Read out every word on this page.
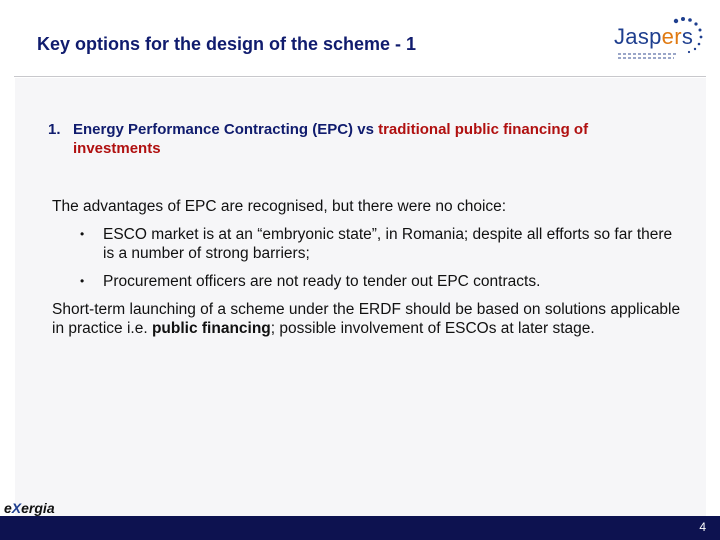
Key options for the design of the scheme - 1	Jaspers
1. Energy Performance Contracting (EPC) vs traditional public financing of investments
The advantages of EPC are recognised, but there were no choice:
• ESCO market is at an “embryonic state”, in Romania; despite all efforts so far there is a number of strong barriers;
• Procurement officers are not ready to tender out EPC contracts.
Short-term launching of a scheme under the ERDF should be based on solutions applicable in practice i.e. public financing; possible involvement of ESCOs at later stage.
eXergia
4
